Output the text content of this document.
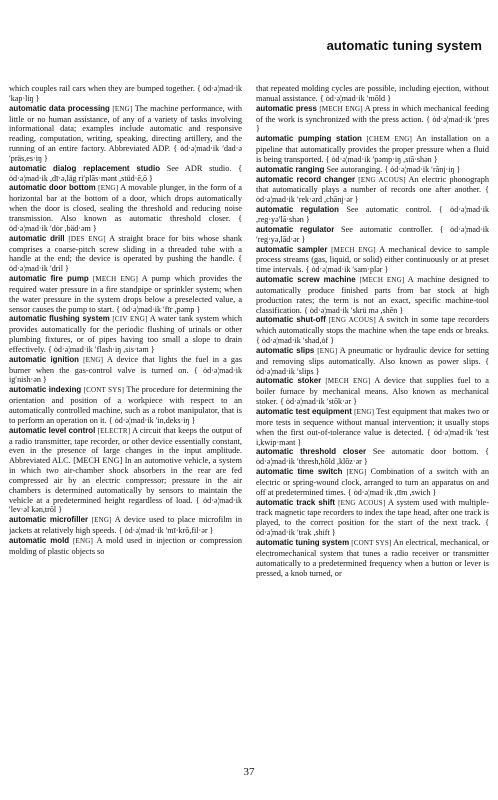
automatic tuning system

which couples rail cars when they are bumped together. { ȯd·ə¦mad·ik ′kap·liŋ }

automatic data processing [ENG] The machine performance, with little or no human assistance, of any of a variety of tasks involving informational data; examples include automatic and responsive reading, computation, writing, speaking, directing artillery, and the running of an entire factory. Abbreviated ADP. { ȯd·ə¦mad·ik ′dad·ə ′präs,es·iŋ }

automatic dialog replacement studio See ADR studio. { ȯd·ə¦mad·ik ,dī·ə,läg ri′plās·mənt ,stüd·ē,ō }

automatic door bottom [ENG] A movable plunger, in the form of a horizontal bar at the bottom of a door, which drops automatically when the door is closed, sealing the threshold and reducing noise transmission. Also known as automatic threshold closer. { ȯd·ə¦mad·ik ′dȯr ,bäd·əm }

automatic drill [DES ENG] A straight brace for bits whose shank comprises a coarse-pitch screw sliding in a threaded tube with a handle at the end; the device is operated by pushing the handle. { ȯd·ə¦mad·ik ′dril }

automatic fire pump [MECH ENG] A pump which provides the required water pressure in a fire standpipe or sprinkler system; when the water pressure in the system drops below a preselected value, a sensor causes the pump to start. { ȯd·ə¦mad·ik ′fīr ,pəmp }

automatic flushing system [CIV ENG] A water tank system which provides automatically for the periodic flushing of urinals or other plumbing fixtures, or of pipes having too small a slope to drain effectively. { ȯd·ə¦mad·ik ′flash·iŋ ,sis·təm }

automatic ignition [ENG] A device that lights the fuel in a gas burner when the gas-control valve is turned on. { ȯd·ə¦mad·ik ig′nish·ən }

automatic indexing [CONT SYS] The procedure for determining the orientation and position of a workpiece with respect to an automatically controlled machine, such as a robot manipulator, that is to perform an operation on it. { ȯd·ə¦mad·ik ′in,deks·iŋ }

automatic level control [ELECTR] A circuit that keeps the output of a radio transmitter, tape recorder, or other device essentially constant, even in the presence of large changes in the input amplitude. Abbreviated ALC. [MECH ENG] In an automotive vehicle, a system in which two air-chamber shock absorbers in the rear are fed compressed air by an electric compressor; pressure in the air chambers is determined automatically by sensors to maintain the vehicle at a predetermined height regardless of load. { ȯd·ə¦mad·ik ′lev·əl kən,trōl }

automatic microfiller [ENG] A device used to place microfilm in jackets at relatively high speeds. { ȯd·ə¦mad·ik ′mī·krō,fil·ər }

automatic mold [ENG] A mold used in injection or compression molding of plastic objects so

that repeated molding cycles are possible, including ejection, without manual assistance. { ȯd·ə¦mad·ik ′mōld }

automatic press [MECH ENG] A press in which mechanical feeding of the work is synchronized with the press action. { ȯd·ə¦mad·ik ′pres }

automatic pumping station [CHEM ENG] An installation on a pipeline that automatically provides the proper pressure when a fluid is being transported. { ȯd·ə¦mad·ik ′pəmp·iŋ ,stā·shən }

automatic ranging See autoranging. { ȯd·ə¦mad·ik ′rānj·iŋ }

automatic record changer [ENG ACOUS] An electric phonograph that automatically plays a number of records one after another. { ȯd·ə¦mad·ik ′rek·ərd ,chānj·ər }

automatic regulation See automatic control. { ȯd·ə¦mad·ik ,reg·yə′lā·shən }

automatic regulator See automatic controller. { ȯd·ə¦mad·ik ′reg·yə,lād·ər }

automatic sampler [MECH ENG] A mechanical device to sample process streams (gas, liquid, or solid) either continuously or at preset time intervals. { ȯd·ə¦mad·ik ′sam·plər }

automatic screw machine [MECH ENG] A machine designed to automatically produce finished parts from bar stock at high production rates; the term is not an exact, specific machine-tool classification. { ȯd·ə¦mad·ik ′skrü mə ,shēn }

automatic shut-off [ENG ACOUS] A switch in some tape recorders which automatically stops the machine when the tape ends or breaks. { ȯd·ə¦mad·ik ′shad,ȯf }

automatic slips [ENG] A pneumatic or hydraulic device for setting and removing slips automatically. Also known as power slips. { ȯd·ə¦mad·ik ′slips }

automatic stoker [MECH ENG] A device that supplies fuel to a boiler furnace by mechanical means. Also known as mechanical stoker. { ȯd·ə¦mad·ik ′stōk·ər }

automatic test equipment [ENG] Test equipment that makes two or more tests in sequence without manual intervention; it usually stops when the first out-of-tolerance value is detected. { ȯd·ə¦mad·ik ′test i,kwip·mənt }

automatic threshold closer See automatic door bottom. { ȯd·ə¦mad·ik ′thresh,hōld ,klōz·ər }

automatic time switch [ENG] Combination of a switch with an electric or spring-wound clock, arranged to turn an apparatus on and off at predetermined times. { ȯd·ə¦mad·ik ,tīm ,swich }

automatic track shift [ENG ACOUS] A system used with multiple-track magnetic tape recorders to index the tape head, after one track is played, to the correct position for the start of the next track. { ȯd·ə¦mad·ik ′trak ,shift }

automatic tuning system [CONT SYS] An electrical, mechanical, or electromechanical system that tunes a radio receiver or transmitter automatically to a predetermined frequency when a button or lever is pressed, a knob turned, or

37
